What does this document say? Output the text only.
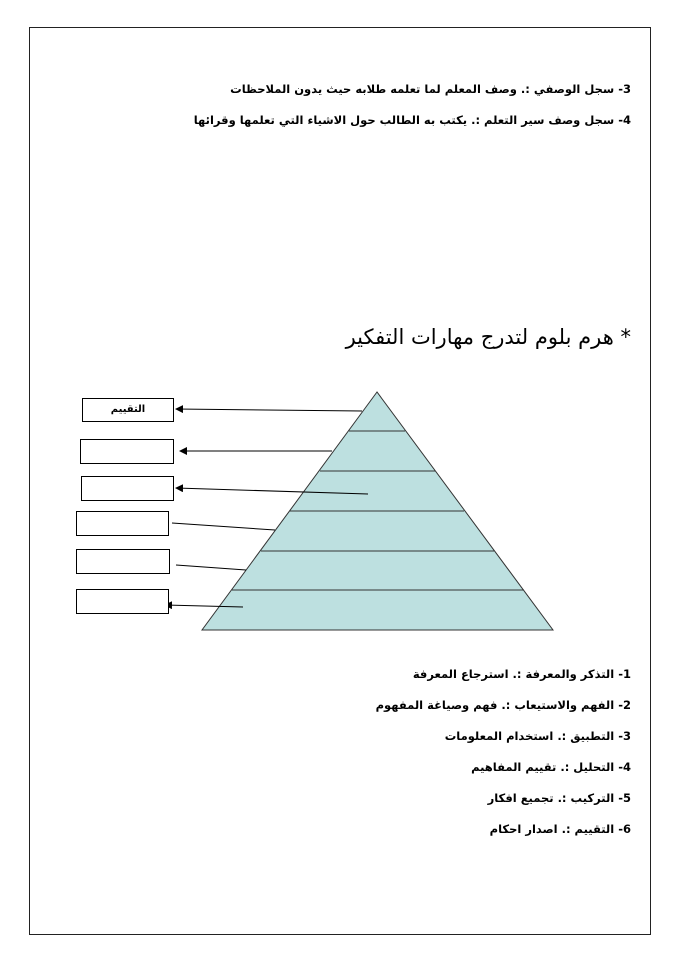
3- سجل الوصفي :. وصف المعلم لما تعلمه طلابه حيث يدون الملاحظات
4- سجل وصف سير التعلم :. يكتب به الطالب حول الاشياء التي تعلمها وقرائها
* هرم بلوم لتدرج مهارات التفكير
التقييم
1- التذكر والمعرفة :. استرجاع المعرفة
2- الفهم والاستيعاب :. فهم وصياغة المفهوم
3- التطبيق :. استخدام المعلومات
4- التحليل :. تقييم المفاهيم
5- التركيب :. تجميع افكار
6- التقييم :. اصدار احكام
